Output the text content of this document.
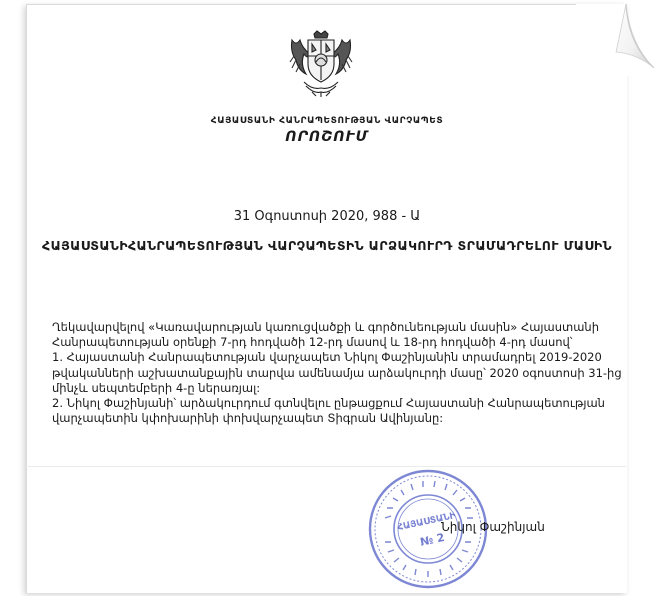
ՀԱՅԱՍՏԱՆԻ ՀԱՆՐԱՊԵՏՈՒԹՅԱՆ ՎԱՐՉԱՊԵՏ
ՈՐՈՇՈՒՄ
31 Օգոստոսի 2020, 988 - Ա
ՀԱՅԱՍՏԱՆԻՀԱՆՐԱՊԵՏՈՒԹՅԱՆ ՎԱՐՉԱՊԵՏԻՆ ԱՐՁԱԿՈՒՐԴ ՏՐԱՄԱԴՐԵԼՈՒ ՄԱՍԻՆ
Ղեկավարվելով «Կառավարության կառուցվածքի և գործունեության մասին» Հայաստանի
Հանրապետության օրենքի 7-րդ հոդվածի 12-րդ մասով և 18-րդ հոդվածի 4-րդ մասով՝
1. Հայաստանի Հանրապետության վարչապետ Նիկոլ Փաշինյանին տրամադրել 2019-2020
թվականների աշխատանքային տարվա ամենամյա արձակուրդի մասը՝ 2020 օգոստոսի 31-ից
մինչև սեպտեմբերի 4-ը ներառյալ:
2. Նիկոլ Փաշինյանի՝ արձակուրդում գտնվելու ընթացքում Հայաստանի Հանրապետության
վարչապետին կփոխարինի փոխվարչապետ Տիգրան Ավինյանը:
ՀԱՅԱՍՏԱՆԻ
№ 2
Նիկոլ Փաշինյան
